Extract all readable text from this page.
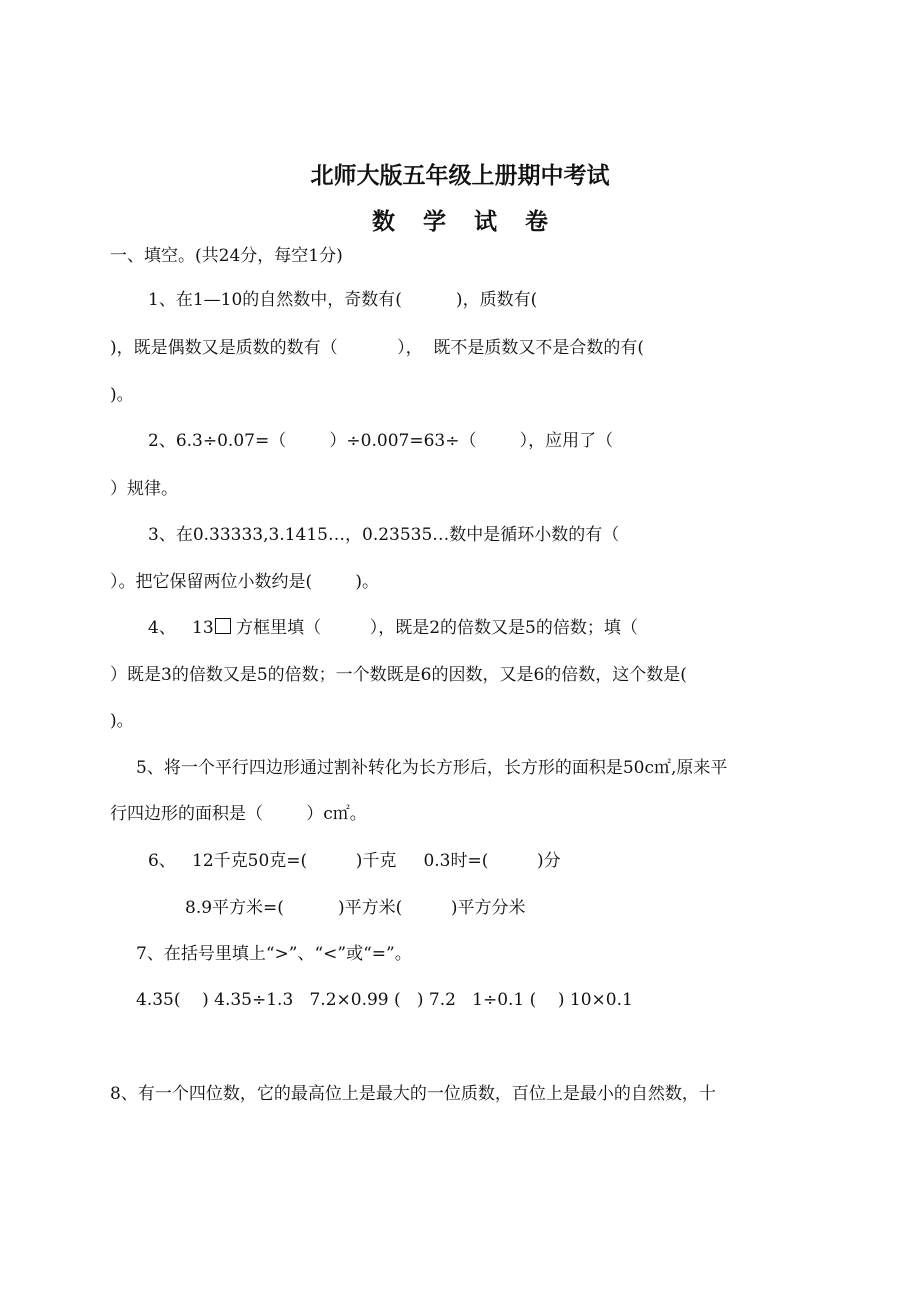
北师大版五年级上册期中考试
数 学 试 卷
一、填空。(共24分，每空1分)
1、在1—10的自然数中，奇数有(          )，质数有(
)，既是偶数又是质数的数有（           ），  既不是质数又不是合数的有(
)。
2、6.3÷0.07=（        ）÷0.007=63÷（        ），应用了（
）规律。
3、在0.33333,3.1415…，0.23535…数中是循环小数的有（
）。把它保留两位小数约是(        )。
4、   13 方框里填（         ），既是2的倍数又是5的倍数；填（
）既是3的倍数又是5的倍数；一个数既是6的因数，又是6的倍数，这个数是(
)。
5、将一个平行四边形通过割补转化为长方形后，长方形的面积是50c㎡,原来平
行四边形的面积是（        ）c㎡。
6、   12千克50克=(         )千克     0.3时=(         )分
8.9平方米=(          )平方米(         )平方分米
7、在括号里填上“>”、“<”或“=”。
4.35(    ) 4.35÷1.3   7.2×0.99 (   ) 7.2   1÷0.1 (    ) 10×0.1
8、有一个四位数，它的最高位上是最大的一位质数，百位上是最小的自然数，十
